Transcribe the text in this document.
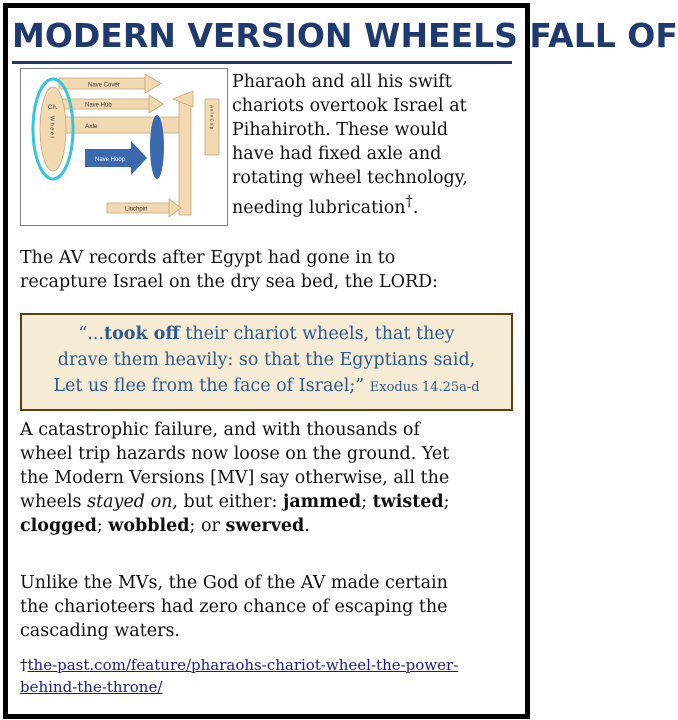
MODERN VERSION WHEELS FALL OF
Nave Cover
Nave Hub
Axle	A x l e C a p
Nave Hoop
Linchpin
Ch.
W h e e l

Pharaoh and all his swift
chariots overtook Israel at
Pihahiroth. These would
have had fixed axle and
rotating wheel technology,
needing lubrication†.

The AV records after Egypt had gone in to
recapture Israel on the dry sea bed, the LORD:

“...took off their chariot wheels, that they
drave them heavily: so that the Egyptians said,
Let us flee from the face of Israel;” Exodus 14.25a-d

A catastrophic failure, and with thousands of
wheel trip hazards now loose on the ground. Yet
the Modern Versions [MV] say otherwise, all the
wheels stayed on, but either: jammed; twisted;
clogged; wobbled; or swerved.

Unlike the MVs, the God of the AV made certain
the charioteers had zero chance of escaping the
cascading waters.

†the-past.com/feature/pharaohs-chariot-wheel-the-power-
behind-the-throne/
